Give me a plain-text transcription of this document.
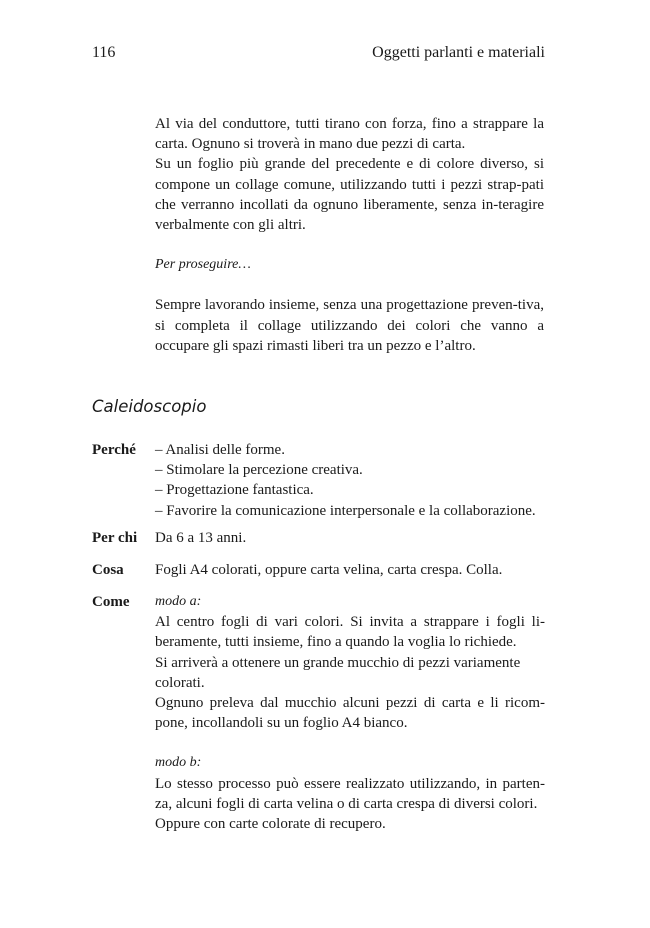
116	Oggetti parlanti e materiali

Al via del conduttore, tutti tirano con forza, fino a strappare la carta. Ognuno si troverà in mano due pezzi di carta.

Su un foglio più grande del precedente e di colore diverso, si compone un collage comune, utilizzando tutti i pezzi strap-pati che verranno incollati da ognuno liberamente, senza in-teragire verbalmente con gli altri.

Per proseguire…

Sempre lavorando insieme, senza una progettazione preven-tiva, si completa il collage utilizzando dei colori che vanno a occupare gli spazi rimasti liberi tra un pezzo e l’altro.

Caleidoscopio
Perché – Analisi delle forme.
– Stimolare la percezione creativa.
– Progettazione fantastica.
– Favorire la comunicazione interpersonale e la collaborazione.
Per chi Da 6 a 13 anni.
Cosa Fogli A4 colorati, oppure carta velina, carta crespa. Colla.
Come modo a:

Al centro fogli di vari colori. Si invita a strappare i fogli li-beramente, tutti insieme, fino a quando la voglia lo richiede.

Si arriverà a ottenere un grande mucchio di pezzi variamente colorati.

Ognuno preleva dal mucchio alcuni pezzi di carta e li ricom-pone, incollandoli su un foglio A4 bianco.

modo b:

Lo stesso processo può essere realizzato utilizzando, in parten-za, alcuni fogli di carta velina o di carta crespa di diversi colori.

Oppure con carte colorate di recupero.
